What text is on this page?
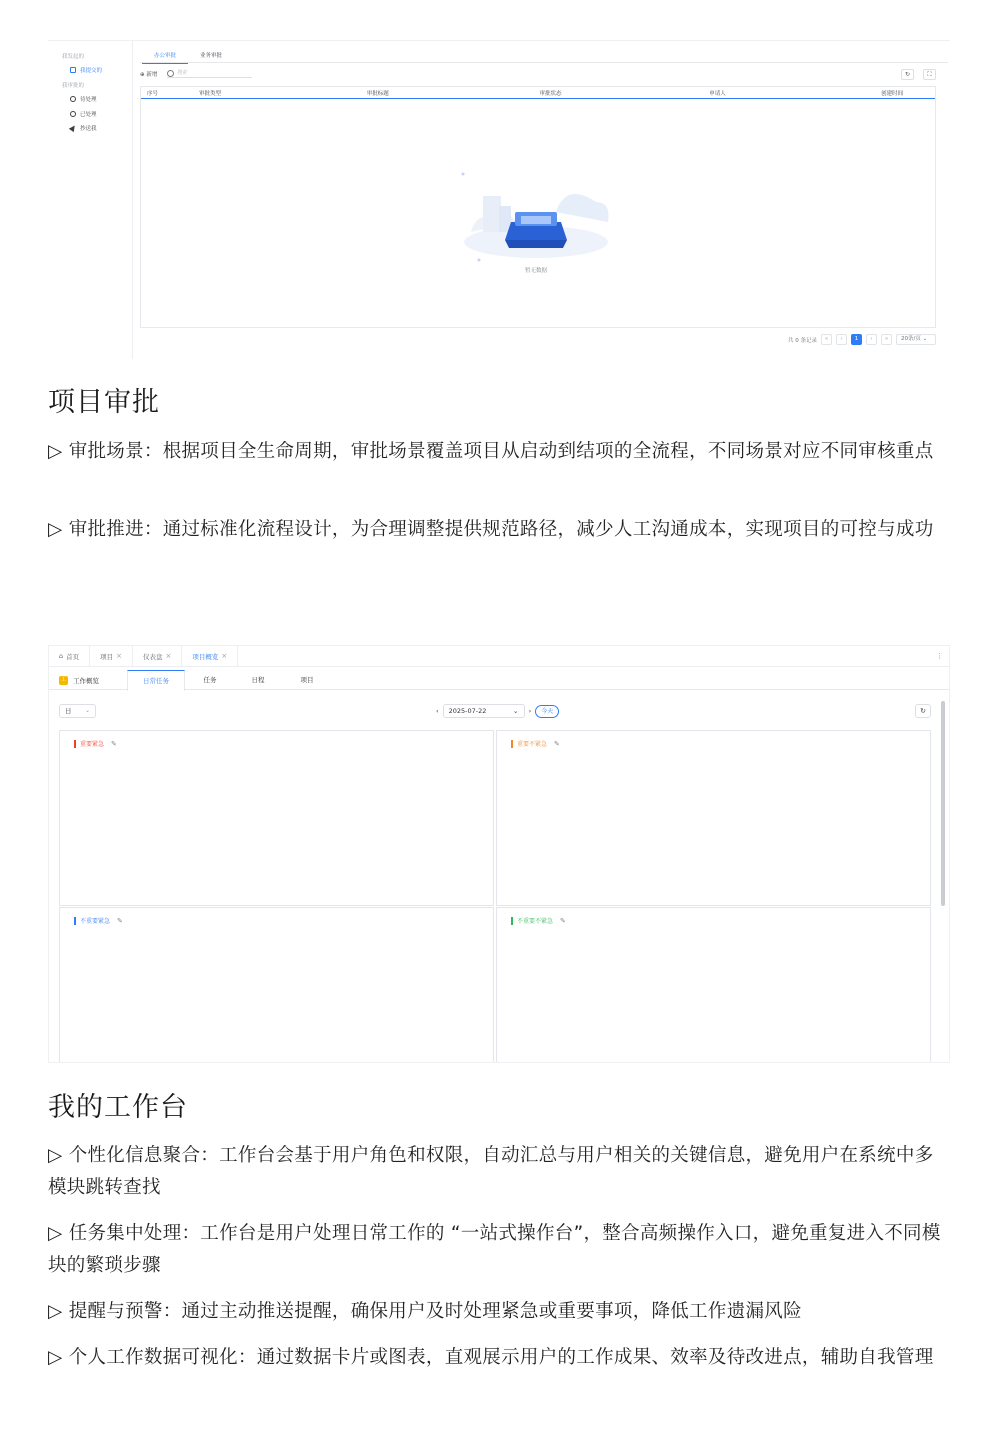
我发起的
我提交的
我审批的
待处理
已处理
抄送我
办公审批	业务审批
⊕ 新增	搜索	↻	⛶
序号	审批类型	审批标题	审批状态	申请人	创建时间
暂无数据
共 0 条记录	«	‹	1	›	»	20条/页 ⌄
项目审批
▷ 审批场景：根据项目全生命周期，审批场景覆盖项目从启动到结项的全流程，不同场景对应不同审核重点
▷ 审批推进：通过标准化流程设计，为合理调整提供规范路径，减少人工沟通成本，实现项目的可控与成功
⌂ 首页	项目 ×	仪表盘 ×	项目概览 ×	⋮
工 工作概览	日常任务	任务	日程	项目
日 ⌄	‹	2025-07-22	⌄ ›	今天	↻
重要紧急 ✎	重要不紧急 ✎
不重要紧急 ✎	不重要不紧急 ✎
我的工作台
▷ 个性化信息聚合：工作台会基于用户角色和权限，自动汇总与用户相关的关键信息，避免用户在系统中多模块跳转查找
▷ 任务集中处理：工作台是用户处理日常工作的 “一站式操作台”，整合高频操作入口，避免重复进入不同模块的繁琐步骤
▷ 提醒与预警：通过主动推送提醒，确保用户及时处理紧急或重要事项，降低工作遗漏风险
▷ 个人工作数据可视化：通过数据卡片或图表，直观展示用户的工作成果、效率及待改进点，辅助自我管理
